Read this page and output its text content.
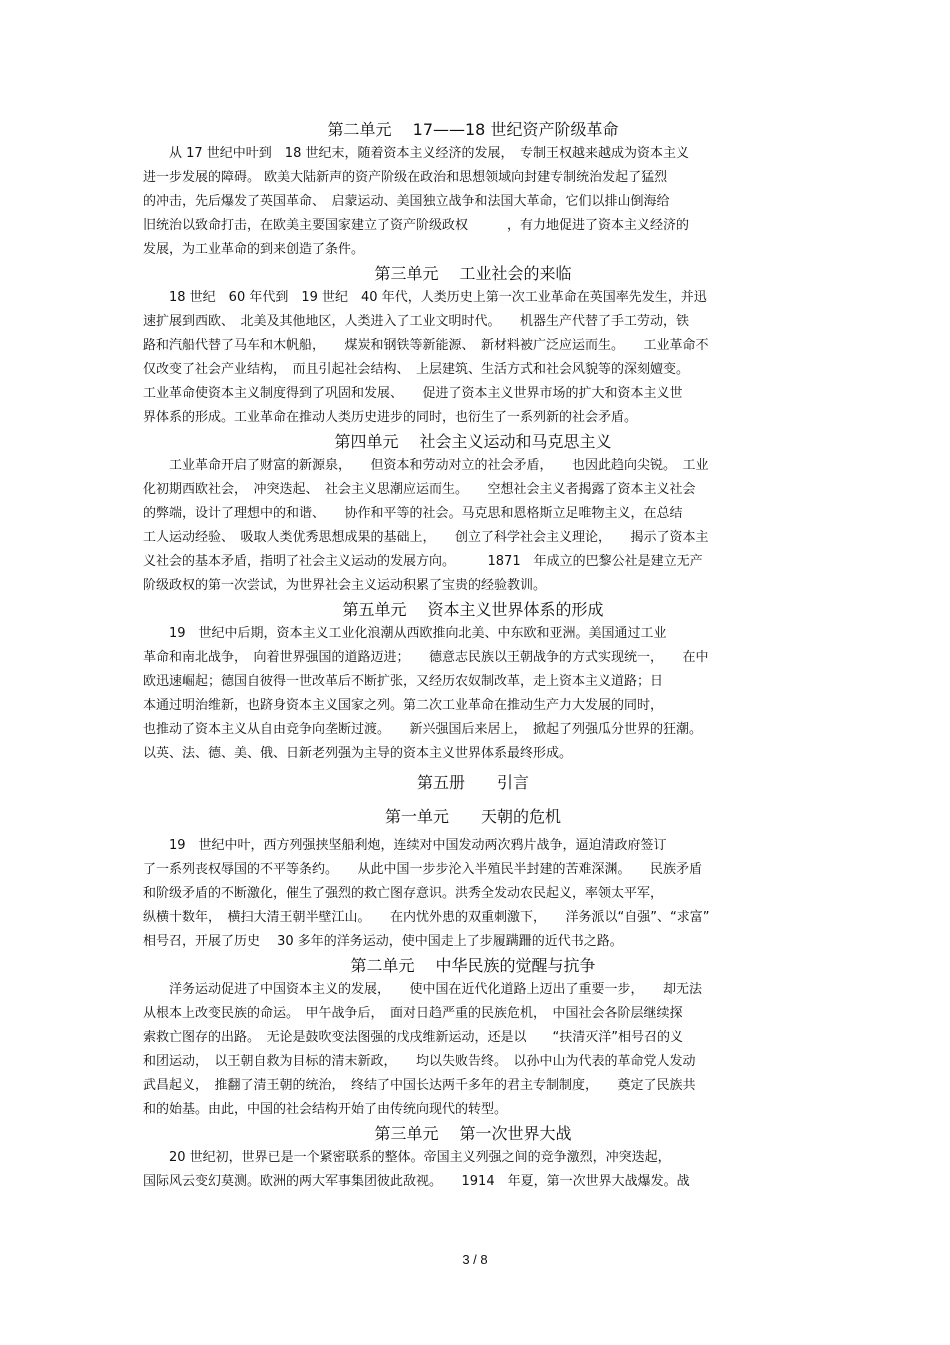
第二单元　 17——18 世纪资产阶级革命
　　从 17 世纪中叶到　18 世纪末，随着资本主义经济的发展，　专制王权越来越成为资本主义
进一步发展的障碍。 欧美大陆新声的资产阶级在政治和思想领域向封建专制统治发起了猛烈
的冲击，先后爆发了英国革命、　启蒙运动、美国独立战争和法国大革命，它们以排山倒海给
旧统治以致命打击，在欧美主要国家建立了资产阶级政权　　　，有力地促进了资本主义经济的
发展，为工业革命的到来创造了条件。
第三单元　 工业社会的来临
　　18 世纪　60 年代到　19 世纪　40 年代，人类历史上第一次工业革命在英国率先发生，并迅
速扩展到西欧、　北美及其他地区，人类进入了工业文明时代。　　机器生产代替了手工劳动，铁
路和汽船代替了马车和木帆船，　　煤炭和钢铁等新能源、　新材料被广泛应运而生。　　工业革命不
仅改变了社会产业结构，　而且引起社会结构、　上层建筑、生活方式和社会风貌等的深刻嬗变。
工业革命使资本主义制度得到了巩固和发展、　　促进了资本主义世界市场的扩大和资本主义世
界体系的形成。工业革命在推动人类历史进步的同时，也衍生了一系列新的社会矛盾。
第四单元　 社会主义运动和马克思主义
　　工业革命开启了财富的新源泉，　　但资本和劳动对立的社会矛盾，　　也因此趋向尖锐。　工业
化初期西欧社会，　冲突迭起、　社会主义思潮应运而生。　　空想社会主义者揭露了资本主义社会
的弊端，设计了理想中的和谐、　　协作和平等的社会。马克思和恩格斯立足唯物主义，在总结
工人运动经验、　吸取人类优秀思想成果的基础上，　　创立了科学社会主义理论，　　揭示了资本主
义社会的基本矛盾，指明了社会主义运动的发展方向。　　　1871　年成立的巴黎公社是建立无产
阶级政权的第一次尝试，为世界社会主义运动积累了宝贵的经验教训。
第五单元　 资本主义世界体系的形成
　　19　世纪中后期，资本主义工业化浪潮从西欧推向北美、中东欧和亚洲。美国通过工业
革命和南北战争，　向着世界强国的道路迈进；　　德意志民族以王朝战争的方式实现统一，　　在中
欧迅速崛起；德国自彼得一世改革后不断扩张，又经历农奴制改革，走上资本主义道路；日
本通过明治维新，也跻身资本主义国家之列。第二次工业革命在推动生产力大发展的同时，
也推动了资本主义从自由竞争向垄断过渡。　　新兴强国后来居上，　掀起了列强瓜分世界的狂潮。
以英、法、德、美、俄、日新老列强为主导的资本主义世界体系最终形成。
第五册　　引言
第一单元　　天朝的危机
　　19　世纪中叶，西方列强挟坚船利炮，连续对中国发动两次鸦片战争，逼迫清政府签订
了一系列丧权辱国的不平等条约。　　从此中国一步步沦入半殖民半封建的苦难深渊。　　民族矛盾
和阶级矛盾的不断激化，催生了强烈的救亡图存意识。洪秀全发动农民起义，率领太平军，
纵横十数年，　横扫大清王朝半壁江山。　　在内忧外患的双重刺激下，　　洋务派以“自强”、“求富”
相号召，开展了历史　 30 多年的洋务运动，使中国走上了步履蹒跚的近代书之路。
第二单元　 中华民族的觉醒与抗争
　　洋务运动促进了中国资本主义的发展，　　使中国在近代化道路上迈出了重要一步，　　却无法
从根本上改变民族的命运。　甲午战争后，　面对日趋严重的民族危机，　中国社会各阶层继续探
索救亡图存的出路。　无论是鼓吹变法图强的戊戌维新运动，还是以　　“扶清灭洋”相号召的义
和团运动，　以王朝自救为目标的清末新政，　　均以失败告终。　以孙中山为代表的革命党人发动
武昌起义，　推翻了清王朝的统治，　终结了中国长达两千多年的君主专制制度，　　奠定了民族共
和的始基。由此，中国的社会结构开始了由传统向现代的转型。
第三单元　 第一次世界大战
　　20 世纪初，世界已是一个紧密联系的整体。帝国主义列强之间的竞争激烈，冲突迭起，
国际风云变幻莫测。欧洲的两大军事集团彼此敌视。　　1914　年夏，第一次世界大战爆发。战
3 / 8
